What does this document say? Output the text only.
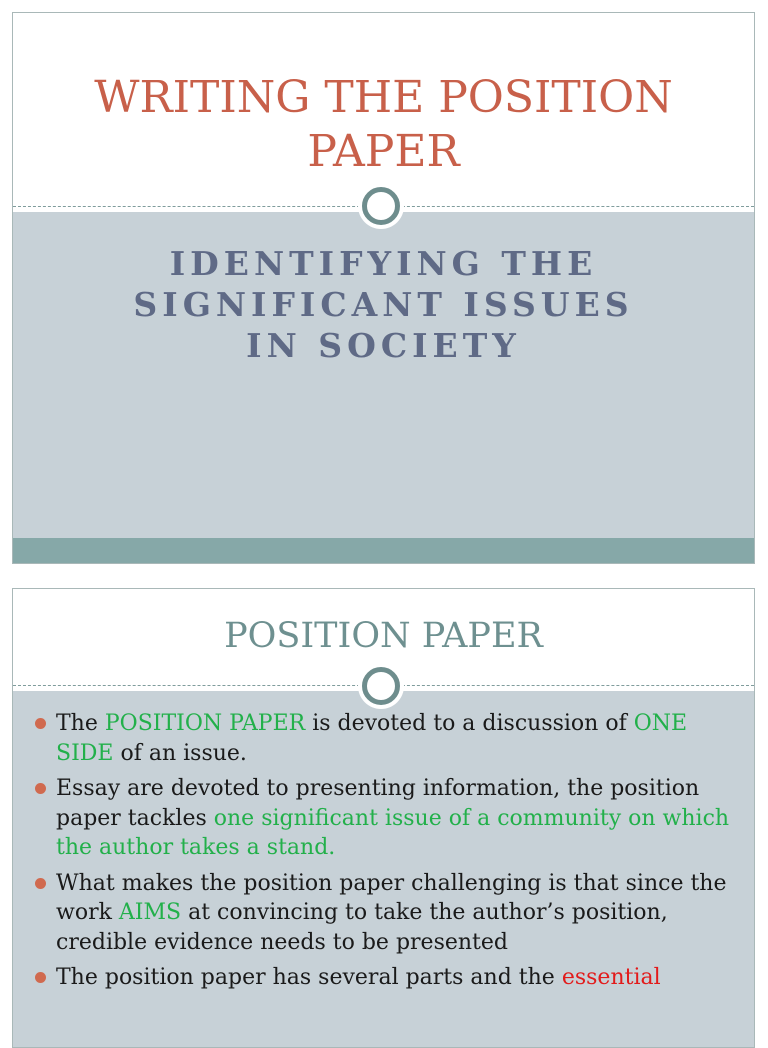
WRITING THE POSITION
PAPER
IDENTIFYING THE
SIGNIFICANT ISSUES
IN SOCIETY
POSITION PAPER
The POSITION PAPER is devoted to a discussion of ONE SIDE of an issue.
Essay are devoted to presenting information, the position paper tackles one significant issue of a community on which the author takes a stand.
What makes the position paper challenging is that since the work AIMS at convincing to take the author’s position, credible evidence needs to be presented
The position paper has several parts and the essential
